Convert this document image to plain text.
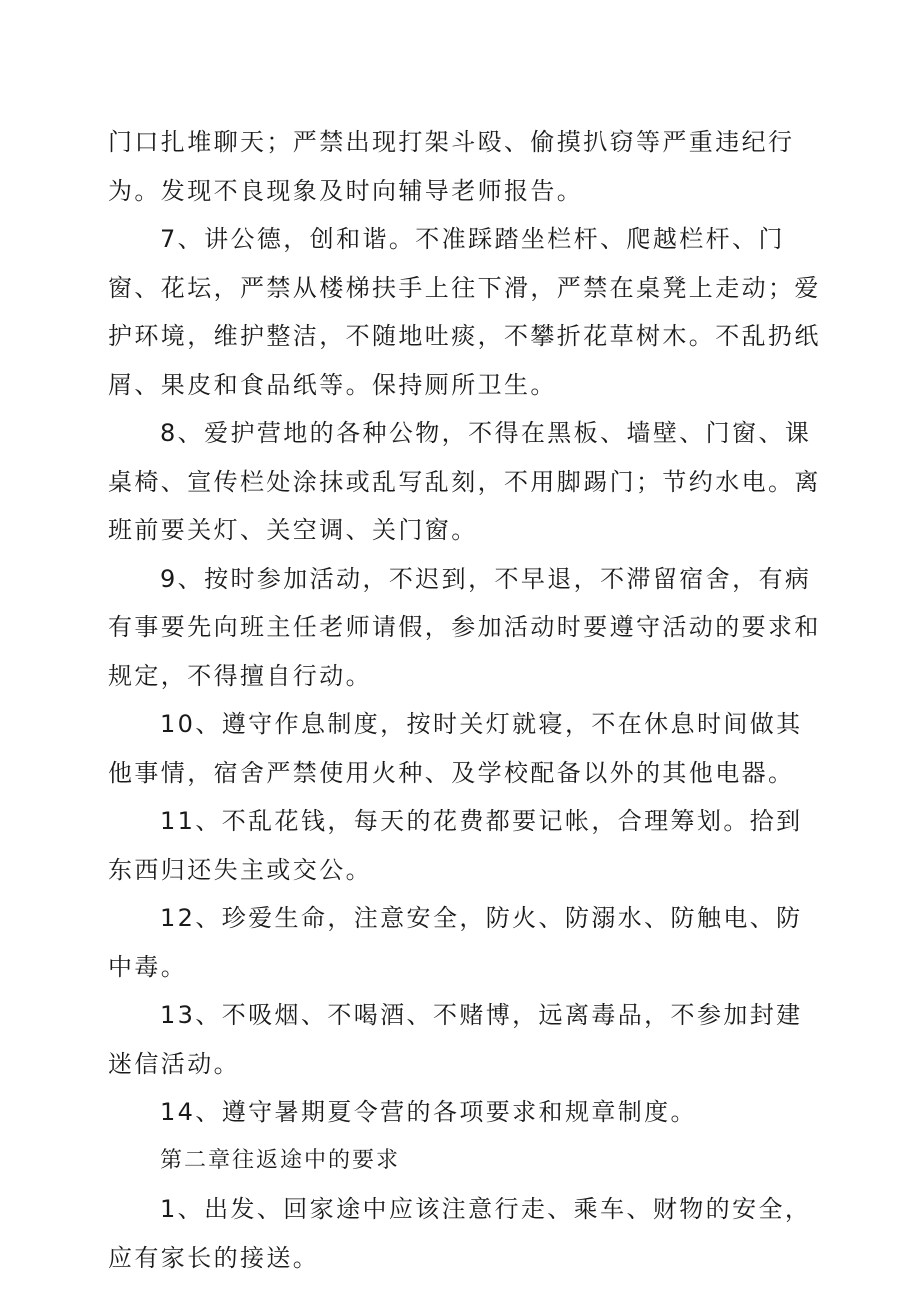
门口扎堆聊天；严禁出现打架斗殴、偷摸扒窃等严重违纪行为。发现不良现象及时向辅导老师报告。

7、讲公德，创和谐。不准踩踏坐栏杆、爬越栏杆、门窗、花坛，严禁从楼梯扶手上往下滑，严禁在桌凳上走动；爱护环境，维护整洁，不随地吐痰，不攀折花草树木。不乱扔纸屑、果皮和食品纸等。保持厕所卫生。

8、爱护营地的各种公物，不得在黑板、墙壁、门窗、课桌椅、宣传栏处涂抹或乱写乱刻，不用脚踢门；节约水电。离班前要关灯、关空调、关门窗。

9、按时参加活动，不迟到，不早退，不滞留宿舍，有病有事要先向班主任老师请假，参加活动时要遵守活动的要求和规定，不得擅自行动。

10、遵守作息制度，按时关灯就寝，不在休息时间做其他事情，宿舍严禁使用火种、及学校配备以外的其他电器。

11、不乱花钱，每天的花费都要记帐，合理筹划。拾到东西归还失主或交公。

12、珍爱生命，注意安全，防火、防溺水、防触电、防中毒。

13、不吸烟、不喝酒、不赌博，远离毒品，不参加封建迷信活动。

14、遵守暑期夏令营的各项要求和规章制度。

第二章往返途中的要求

1、出发、回家途中应该注意行走、乘车、财物的安全，应有家长的接送。
